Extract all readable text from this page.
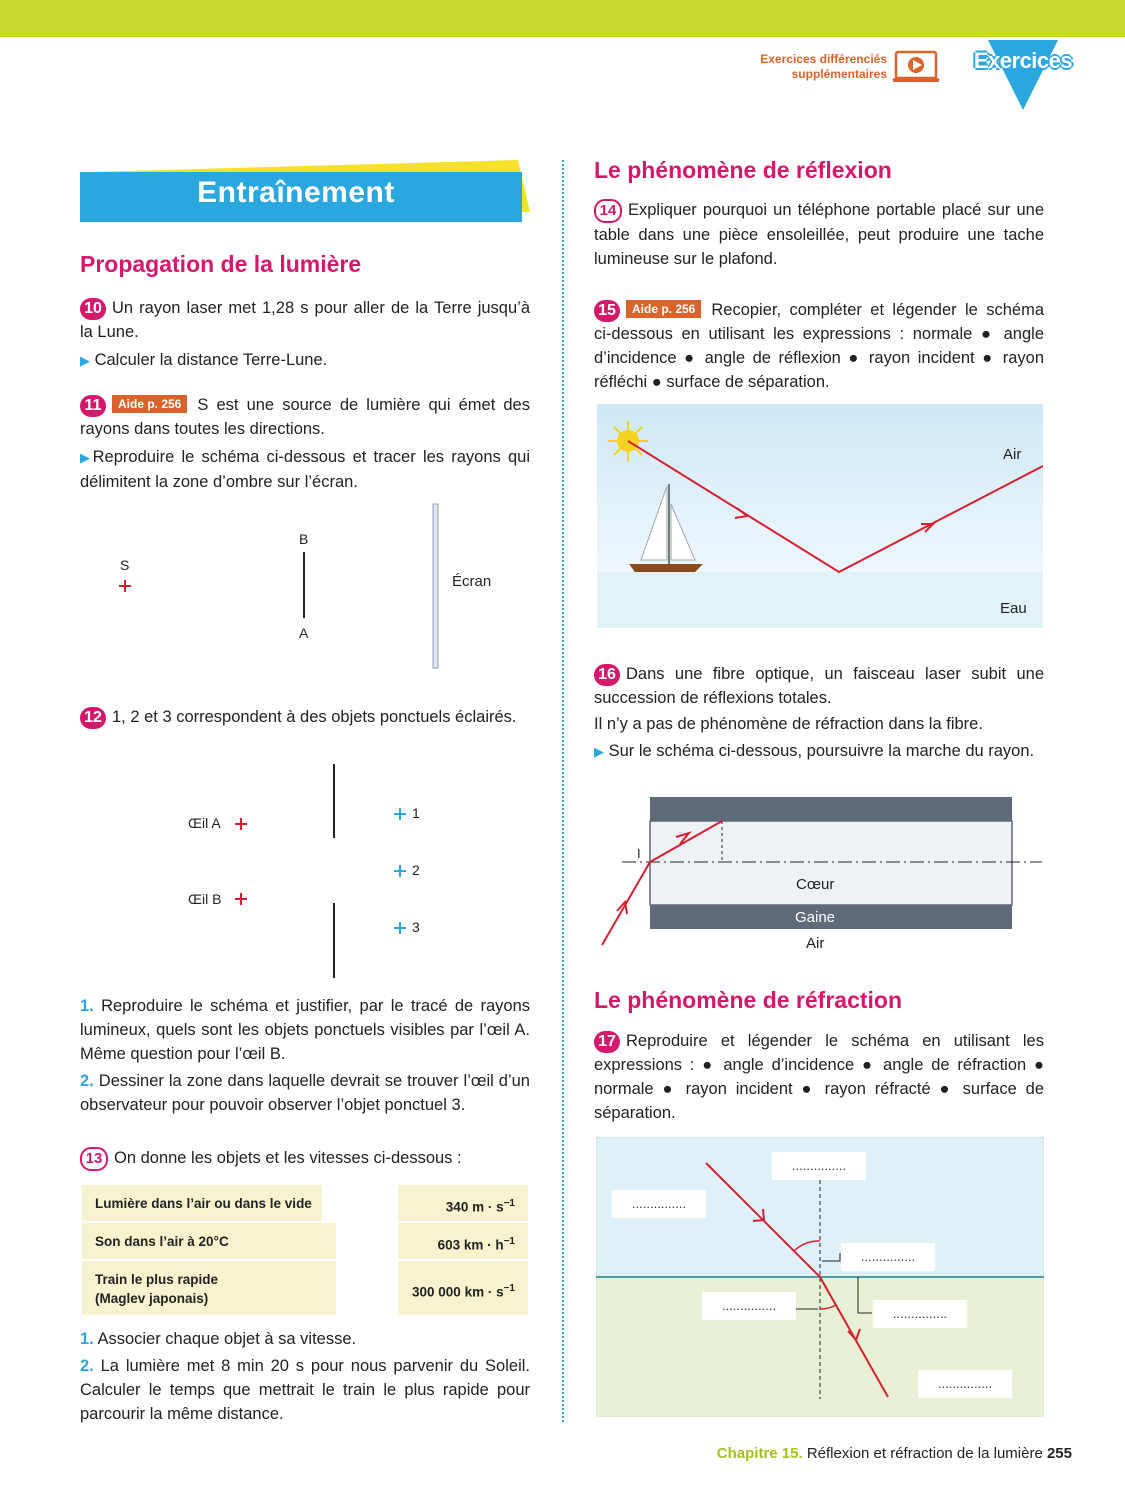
Exercices différenciés
supplémentaires
Exercices
Entraînement
Propagation de la lumière
10 Un rayon laser met 1,28 s pour aller de la Terre jusqu’à la Lune.
▶ Calculer la distance Terre-Lune.
11 Aide p. 256 S est une source de lumière qui émet des rayons dans toutes les directions.
▶Reproduire le schéma ci-dessous et tracer les rayons qui délimitent la zone d’ombre sur l’écran.
S
B
A
Écran
12 1, 2 et 3 correspondent à des objets ponctuels éclairés.
Œil A
Œil B
1
2
3
1. Reproduire le schéma et justifier, par le tracé de rayons lumineux, quels sont les objets ponctuels visibles par l’œil A. Même question pour l’œil B.
2. Dessiner la zone dans laquelle devrait se trouver l’œil d’un observateur pour pouvoir observer l’objet ponctuel 3.
13 On donne les objets et les vitesses ci-dessous :
Lumière dans l’air ou dans le vide
Son dans l’air à 20°C
Train le plus rapide
(Maglev japonais)
340 $m \cdot s^{-1}$
603 km · $h^{-1}$
300 000 km · $s^{-1}$
1. Associer chaque objet à sa vitesse.
2. La lumière met 8 min 20 s pour nous parvenir du Soleil. Calculer le temps que mettrait le train le plus rapide pour parcourir la même distance.
Le phénomène de réflexion
14 Expliquer pourquoi un téléphone portable placé sur une table dans une pièce ensoleillée, peut produire une tache lumineuse sur le plafond.
15 Aide p. 256 Recopier, compléter et légender le schéma ci-dessous en utilisant les expressions : normale ● angle d’incidence ● angle de réflexion ● rayon incident ● rayon réfléchi ● surface de séparation.
Air
Eau
16 Dans une fibre optique, un faisceau laser subit une succession de réflexions totales.
Il n’y a pas de phénomène de réfraction dans la fibre.
▶ Sur le schéma ci-dessous, poursuivre la marche du rayon.
I
Cœur
Gaine
Air
Le phénomène de réfraction
17 Reproduire et légender le schéma en utilisant les expressions : ● angle d’incidence ● angle de réfraction ● normale ● rayon incident ● rayon réfracté ● surface de séparation.
...............
...............
...............
...............
...............
...............
Chapitre 15. Réflexion et réfraction de la lumière 255
